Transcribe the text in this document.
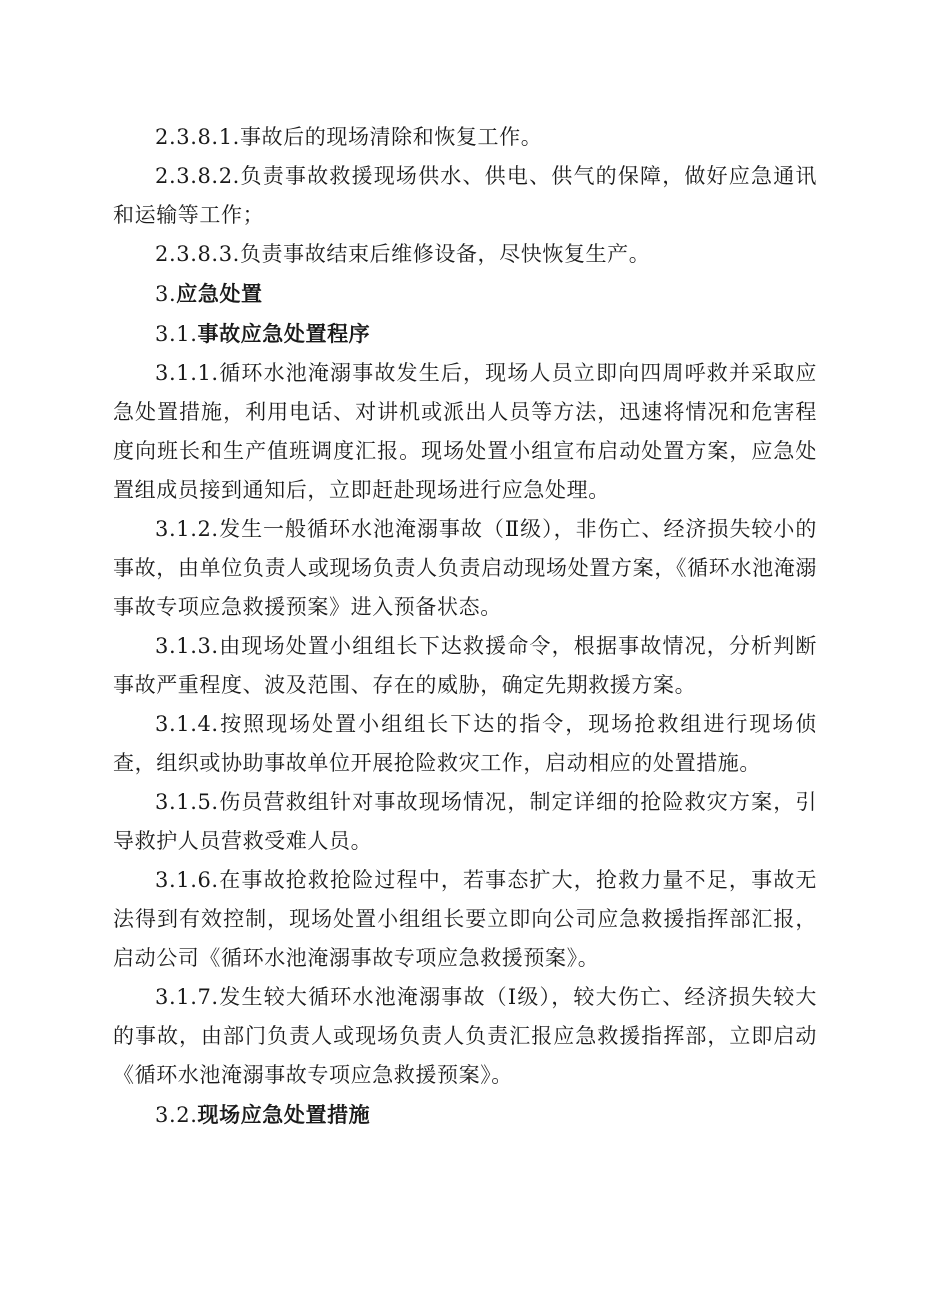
2.3.8.1.事故后的现场清除和恢复工作。

2.3.8.2.负责事故救援现场供水、供电、供气的保障，做好应急通讯和运输等工作；

2.3.8.3.负责事故结束后维修设备，尽快恢复生产。

3.应急处置

3.1.事故应急处置程序

3.1.1.循环水池淹溺事故发生后，现场人员立即向四周呼救并采取应急处置措施，利用电话、对讲机或派出人员等方法，迅速将情况和危害程度向班长和生产值班调度汇报。现场处置小组宣布启动处置方案，应急处置组成员接到通知后，立即赶赴现场进行应急处理。

3.1.2.发生一般循环水池淹溺事故（Ⅱ级），非伤亡、经济损失较小的事故，由单位负责人或现场负责人负责启动现场处置方案，《循环水池淹溺事故专项应急救援预案》进入预备状态。

3.1.3.由现场处置小组组长下达救援命令，根据事故情况，分析判断事故严重程度、波及范围、存在的威胁，确定先期救援方案。

3.1.4.按照现场处置小组组长下达的指令，现场抢救组进行现场侦查，组织或协助事故单位开展抢险救灾工作，启动相应的处置措施。

3.1.5.伤员营救组针对事故现场情况，制定详细的抢险救灾方案，引导救护人员营救受难人员。

3.1.6.在事故抢救抢险过程中，若事态扩大，抢救力量不足，事故无法得到有效控制，现场处置小组组长要立即向公司应急救援指挥部汇报，启动公司《循环水池淹溺事故专项应急救援预案》。

3.1.7.发生较大循环水池淹溺事故（Ⅰ级），较大伤亡、经济损失较大的事故，由部门负责人或现场负责人负责汇报应急救援指挥部，立即启动《循环水池淹溺事故专项应急救援预案》。

3.2.现场应急处置措施
